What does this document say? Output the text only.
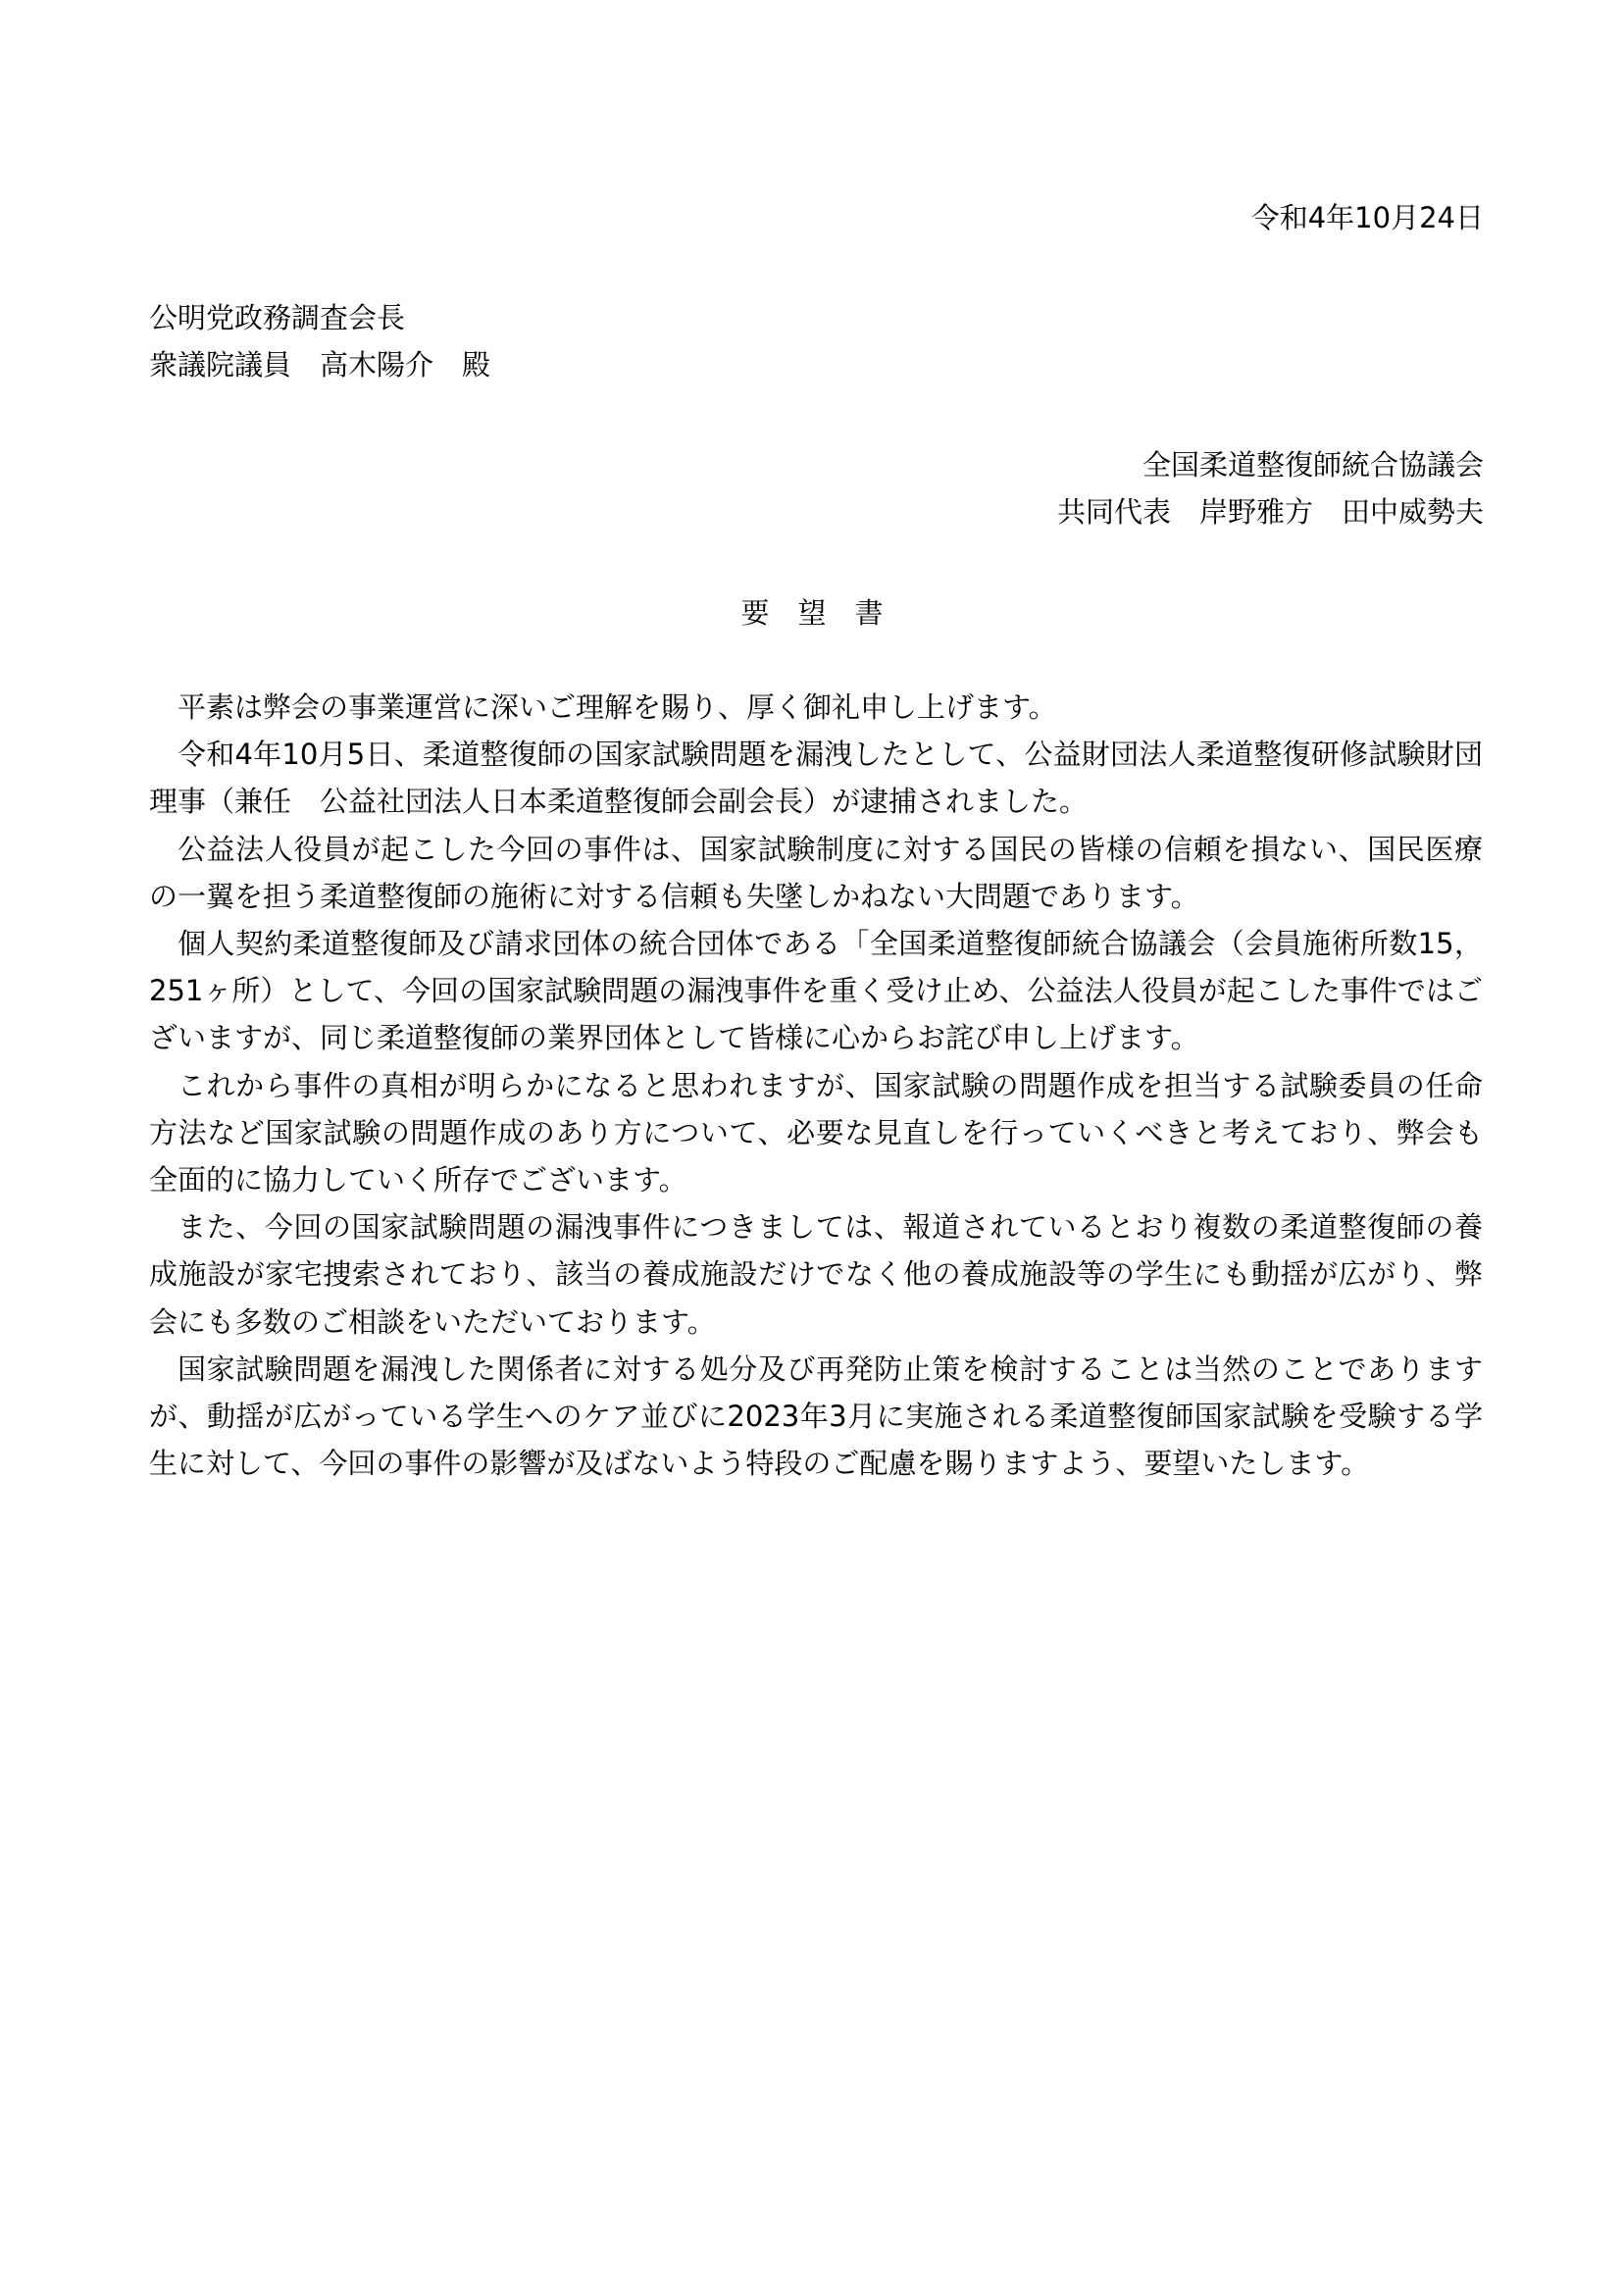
令和4年10月24日
公明党政務調査会長
衆議院議員　高木陽介　殿
全国柔道整復師統合協議会
共同代表　岸野雅方　田中威勢夫
要　望　書

平素は弊会の事業運営に深いご理解を賜り、厚く御礼申し上げます。

令和4年10月5日、柔道整復師の国家試験問題を漏洩したとして、公益財団法人柔道整復研修試験財団理事（兼任　公益社団法人日本柔道整復師会副会長）が逮捕されました。

公益法人役員が起こした今回の事件は、国家試験制度に対する国民の皆様の信頼を損ない、国民医療の一翼を担う柔道整復師の施術に対する信頼も失墜しかねない大問題であります。

個人契約柔道整復師及び請求団体の統合団体である「全国柔道整復師統合協議会（会員施術所数15，251ヶ所）として、今回の国家試験問題の漏洩事件を重く受け止め、公益法人役員が起こした事件ではございますが、同じ柔道整復師の業界団体として皆様に心からお詫び申し上げます。

これから事件の真相が明らかになると思われますが、国家試験の問題作成を担当する試験委員の任命方法など国家試験の問題作成のあり方について、必要な見直しを行っていくべきと考えており、弊会も全面的に協力していく所存でございます。

また、今回の国家試験問題の漏洩事件につきましては、報道されているとおり複数の柔道整復師の養成施設が家宅捜索されており、該当の養成施設だけでなく他の養成施設等の学生にも動揺が広がり、弊会にも多数のご相談をいただいております。

国家試験問題を漏洩した関係者に対する処分及び再発防止策を検討することは当然のことでありますが、動揺が広がっている学生へのケア並びに2023年3月に実施される柔道整復師国家試験を受験する学生に対して、今回の事件の影響が及ばないよう特段のご配慮を賜りますよう、要望いたします。
